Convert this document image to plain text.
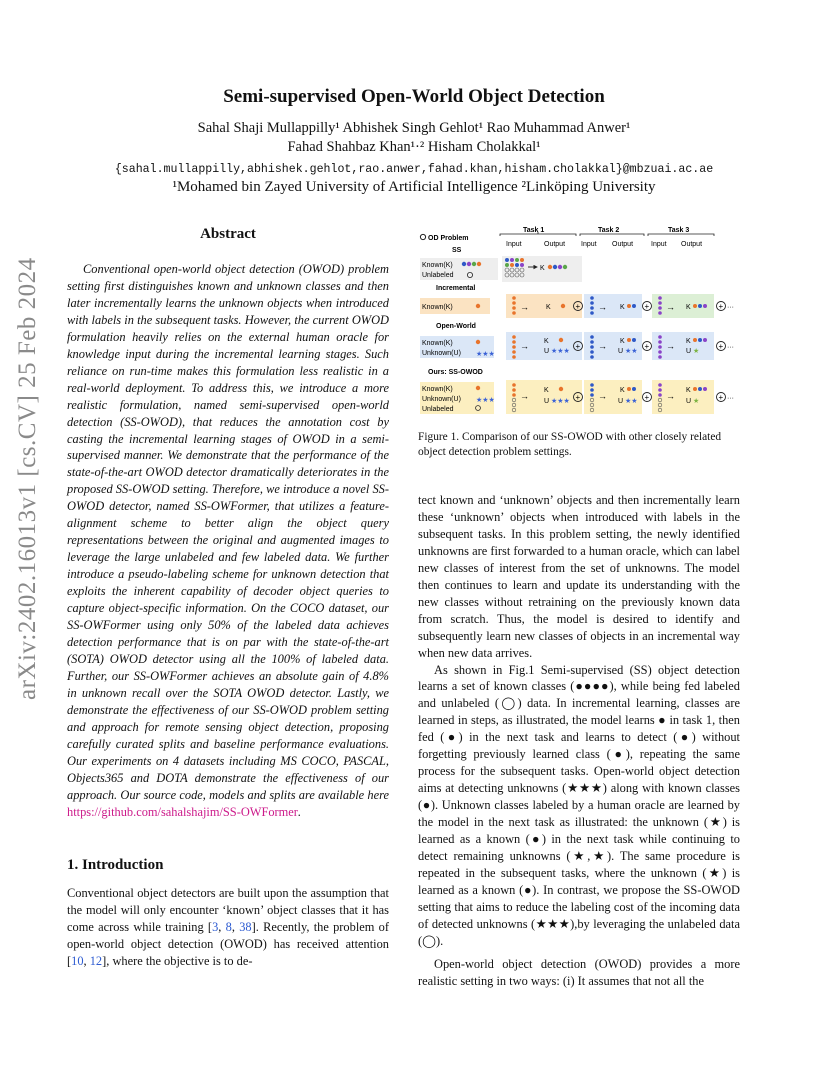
arXiv:2402.16013v1 [cs.CV] 25 Feb 2024
Semi-supervised Open-World Object Detection
Sahal Shaji Mullappilly¹ Abhishek Singh Gehlot¹ Rao Muhammad Anwer¹
Fahad Shahbaz Khan¹·² Hisham Cholakkal¹
{sahal.mullappilly,abhishek.gehlot,rao.anwer,fahad.khan,hisham.cholakkal}@mbzuai.ac.ae
¹Mohamed bin Zayed University of Artificial Intelligence ²Linköping University
Abstract
Conventional open-world object detection (OWOD) problem setting first distinguishes known and unknown classes and then later incrementally learns the unknown objects when introduced with labels in the subsequent tasks. However, the current OWOD formulation heavily relies on the external human oracle for knowledge input during the incremental learning stages. Such reliance on run-time makes this formulation less realistic in a real-world deployment. To address this, we introduce a more realistic formulation, named semi-supervised open-world detection (SS-OWOD), that reduces the annotation cost by casting the incremental learning stages of OWOD in a semi-supervised manner. We demonstrate that the performance of the state-of-the-art OWOD detector dramatically deteriorates in the proposed SS-OWOD setting. Therefore, we introduce a novel SS-OWOD detector, named SS-OWFormer, that utilizes a feature-alignment scheme to better align the object query representations between the original and augmented images to leverage the large unlabeled and few labeled data. We further introduce a pseudo-labeling scheme for unknown detection that exploits the inherent capability of decoder object queries to capture object-specific information. On the COCO dataset, our SS-OWFormer using only 50% of the labeled data achieves detection performance that is on par with the state-of-the-art (SOTA) OWOD detector using all the 100% of labeled data. Further, our SS-OWFormer achieves an absolute gain of 4.8% in unknown recall over the SOTA OWOD detector. Lastly, we demonstrate the effectiveness of our SS-OWOD problem setting and approach for remote sensing object detection, proposing carefully curated splits and baseline performance evaluations. Our experiments on 4 datasets including MS COCO, PASCAL, Objects365 and DOTA demonstrate the effectiveness of our approach. Our source code, models and splits are available here https://github.com/sahalshajim/SS-OWFormer.
1. Introduction
Conventional object detectors are built upon the assumption that the model will only encounter ‘known’ object classes that it has come across while training [3, 8, 38]. Recently, the problem of open-world object detection (OWOD) has received attention [10, 12], where the objective is to de-
OD Problem
SS
Task 1	Task 2	Task 3
Input	Output Input Output	Input Output
Known(K)
Unlabeled
K
Incremental
Known(K)	→ K	→ K	→ K
+	+
+	···
Open-World
Known(K)
Unknown(U) ★★★
→ K
U ★★★
→ K
U ★★
→ K
U ★
+	+
+	···
Ours: SS-OWOD
Known(K)
Unknown(U)
Unlabeled
★★★	→
K
U ★★★
→
K
U ★★
→
K
U ★
+	+
+	···
Figure 1. Comparison of our SS-OWOD with other closely related object detection problem settings.

tect known and ‘unknown’ objects and then incrementally learn these ‘unknown’ objects when introduced with labels in the subsequent tasks. In this problem setting, the newly identified unknowns are first forwarded to a human oracle, which can label new classes of interest from the set of unknowns. The model then continues to learn and update its understanding with the new classes without retraining on the previously known data from scratch. Thus, the model is desired to identify and subsequently learn new classes of objects in an incremental way when new data arrives.

As shown in Fig.1 Semi-supervised (SS) object detection learns a set of known classes (●●●●), while being fed labeled and unlabeled (◯) data. In incremental learning, classes are learned in steps, as illustrated, the model learns ● in task 1, then fed (●) in the next task and learns to detect (●) without forgetting previously learned class (●), repeating the same process for the subsequent tasks. Open-world object detection aims at detecting unknowns (★★★) along with known classes (●). Unknown classes labeled by a human oracle are learned by the model in the next task as illustrated: the unknown (★) is learned as a known (●) in the next task while continuing to detect remaining unknowns (★,★). The same procedure is repeated in the subsequent tasks, where the unknown (★) is learned as a known (●). In contrast, we propose the SS-OWOD setting that aims to reduce the labeling cost of the incoming data of detected unknowns (★★★),by leveraging the unlabeled data (◯).

Open-world object detection (OWOD) provides a more realistic setting in two ways: (i) It assumes that not all the
